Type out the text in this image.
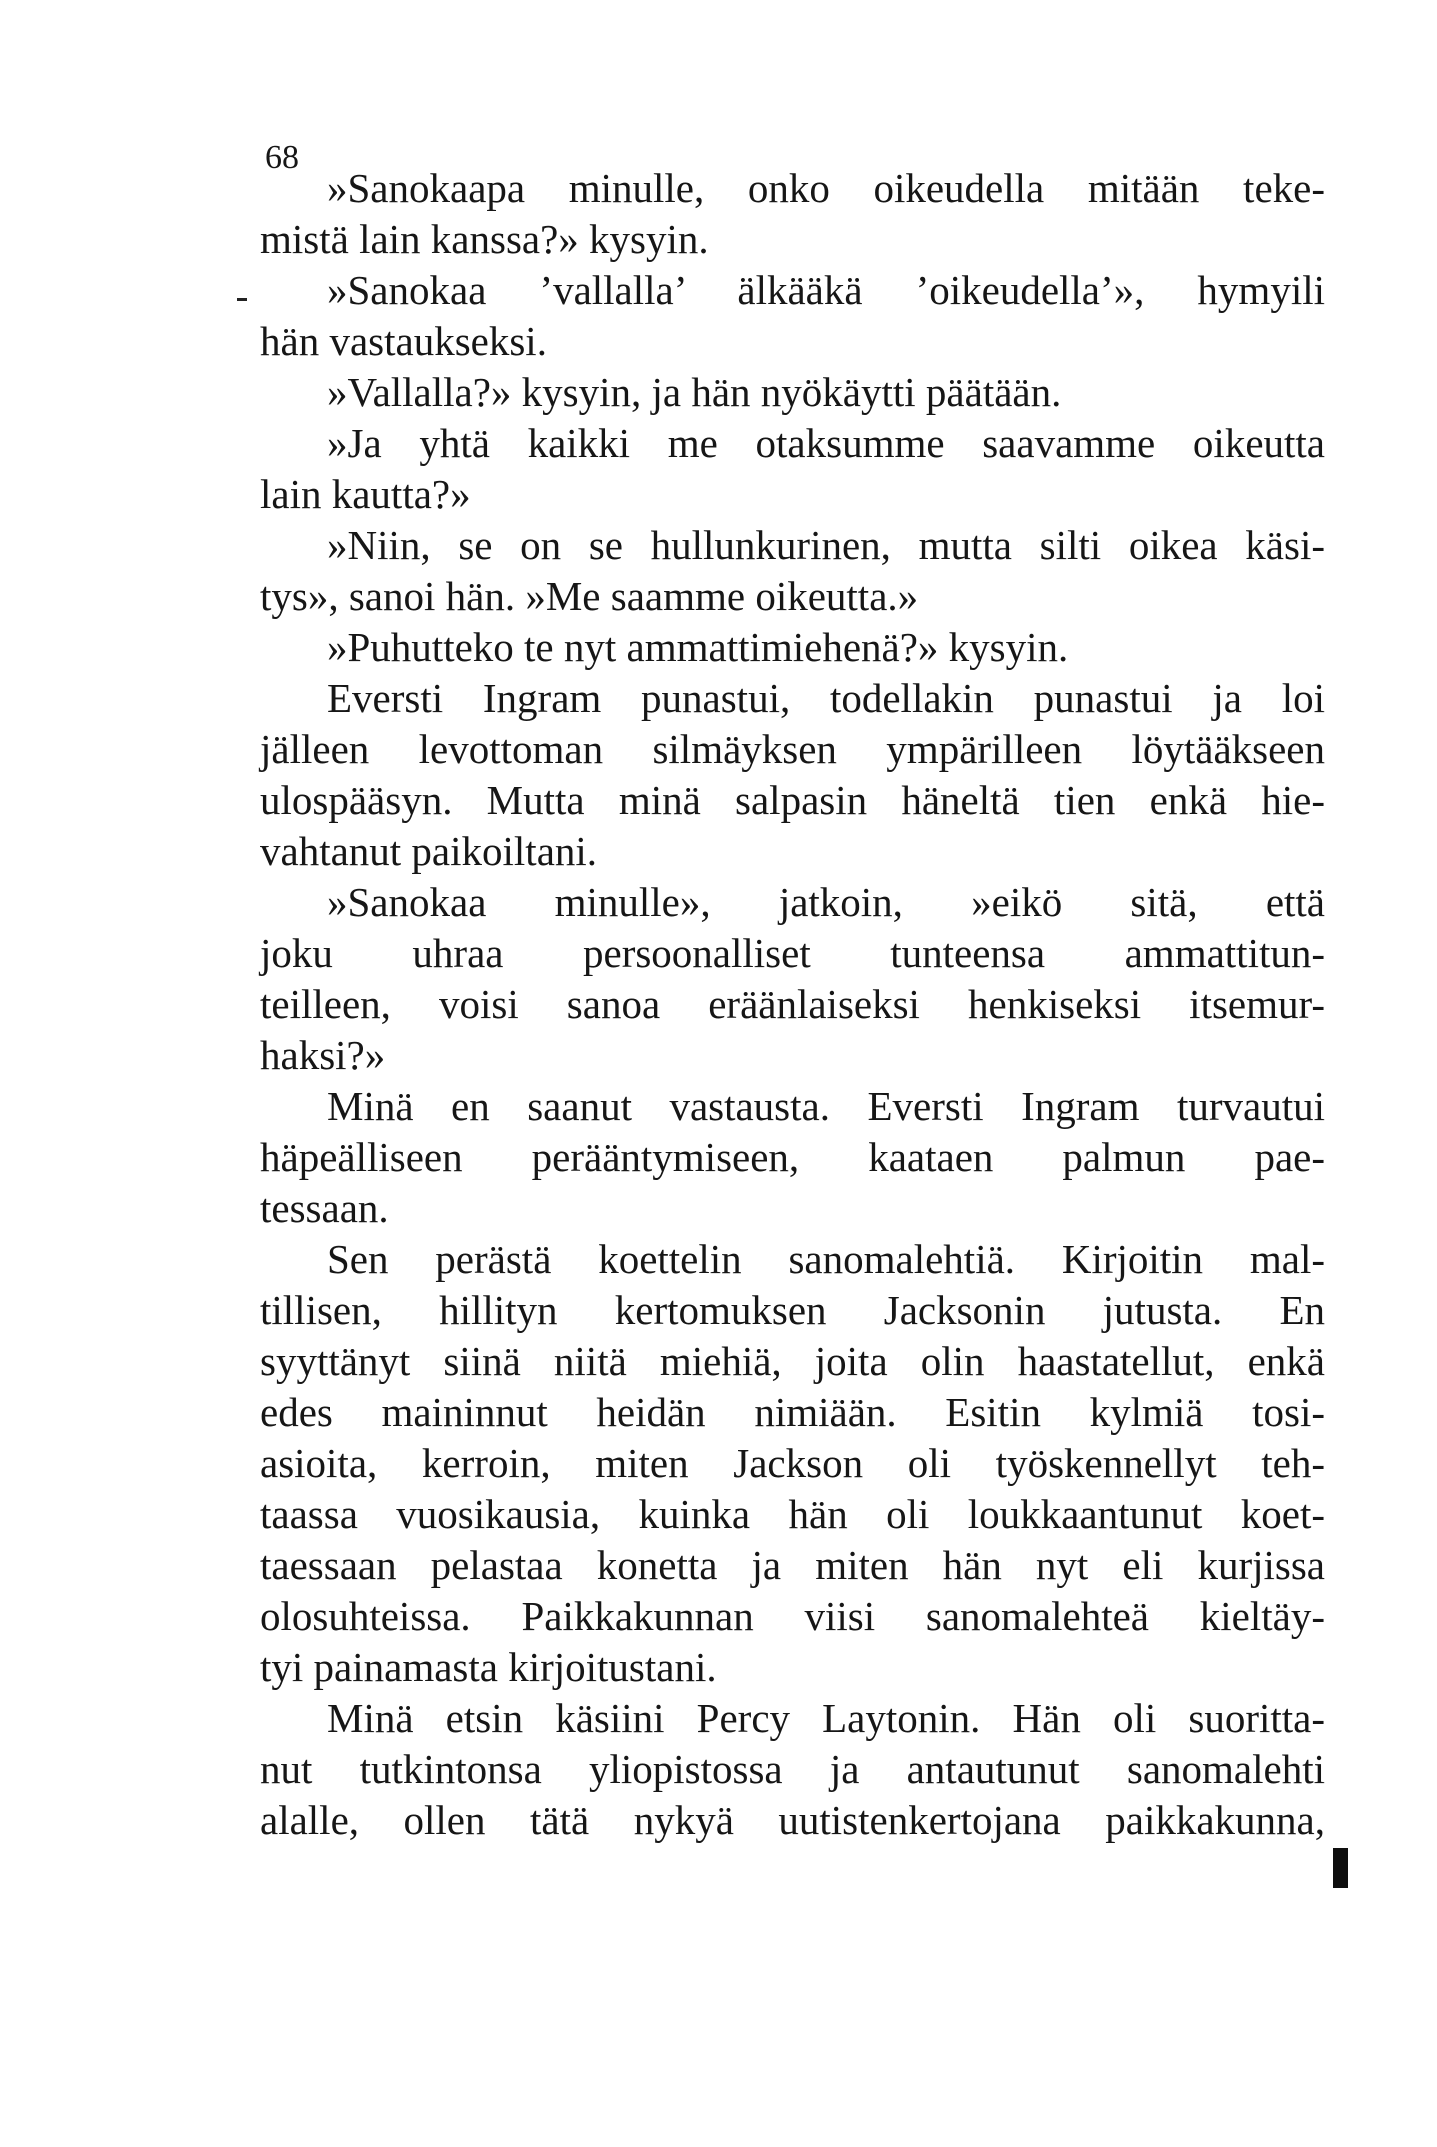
68
»Sanokaapa minulle, onko oikeudella mitään teke-
mistä lain kanssa?» kysyin.
»Sanokaa ’vallalla’ älkääkä ’oikeudella’», hymyili
hän vastaukseksi.
»Vallalla?» kysyin, ja hän nyökäytti päätään.
»Ja yhtä kaikki me otaksumme saavamme oikeutta
lain kautta?»
»Niin, se on se hullunkurinen, mutta silti oikea käsi-
tys», sanoi hän. »Me saamme oikeutta.»
»Puhutteko te nyt ammattimiehenä?» kysyin.
Eversti Ingram punastui, todellakin punastui ja loi
jälleen levottoman silmäyksen ympärilleen löytääkseen
ulospääsyn. Mutta minä salpasin häneltä tien enkä hie-
vahtanut paikoiltani.
»Sanokaa minulle», jatkoin, »eikö sitä, että
joku uhraa persoonalliset tunteensa ammattitun-
teilleen, voisi sanoa eräänlaiseksi henkiseksi itsemur-
haksi?»
Minä en saanut vastausta. Eversti Ingram turvautui
häpeälliseen perääntymiseen, kaataen palmun pae-
tessaan.
Sen perästä koettelin sanomalehtiä. Kirjoitin mal-
tillisen, hillityn kertomuksen Jacksonin jutusta. En
syyttänyt siinä niitä miehiä, joita olin haastatellut, enkä
edes maininnut heidän nimiään. Esitin kylmiä tosi-
asioita, kerroin, miten Jackson oli työskennellyt teh-
taassa vuosikausia, kuinka hän oli loukkaantunut koet-
taessaan pelastaa konetta ja miten hän nyt eli kurjissa
olosuhteissa. Paikkakunnan viisi sanomalehteä kieltäy-
tyi painamasta kirjoitustani.
Minä etsin käsiini Percy Laytonin. Hän oli suoritta-
nut tutkintonsa yliopistossa ja antautunut sanomalehti
alalle, ollen tätä nykyä uutistenkertojana paikkakunna,
